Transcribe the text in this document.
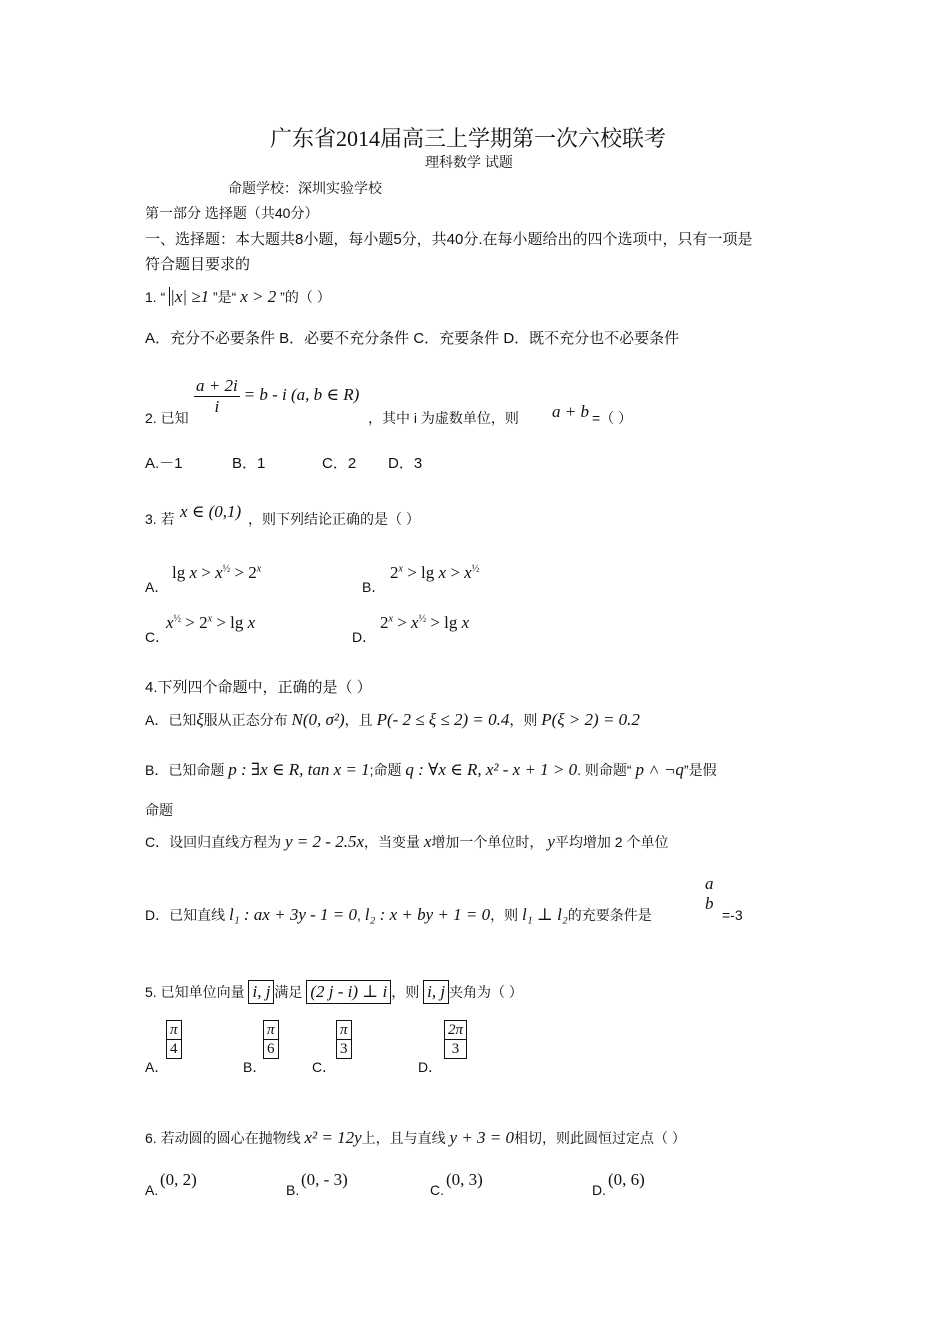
广东省2014届高三上学期第一次六校联考
理科数学 试题
命题学校：深圳实验学校
第一部分 选择题（共40分）
一、选择题：本大题共8小题，每小题5分，共40分.在每小题给出的四个选项中，只有一项是
符合题目要求的
1. “ |x| ≥1 ”是“ x > 2 ”的（ ）
A．充分不必要条件 B．必要不充分条件 C．充要条件 D．既不充分也不必要条件
2. 已知
$\frac{a + 2i}{i} = b - i$ (a, b ∈ R)
，其中 i 为虚数单位，则 a + b =（ ）
A.－1	B．1	C．2 D．3
3. 若 x ∈ (0,1) ，则下列结论正确的是（ ）
A．
$\lg x > x^{\frac{1}{2}} > 2^x$
B．
$2^x > \lg x > x^{\frac{1}{2}}$
C．
$x^{\frac{1}{2}} > 2^x > \lg x$
D．
$2^x > x^{\frac{1}{2}} > \lg x$
4.下列四个命题中，正确的是（ ）
A．已知ξ服从正态分布 N(0, σ²)，且 P(- 2 ≤ ξ ≤ 2) = 0.4，则 P(ξ > 2) = 0.2
B．已知命题 p : ∃x ∈ R, tan x = 1;命题 q : ∀x ∈ R, x² - x + 1 > 0. 则命题“ p ˄ ¬q”是假
命题
C．设回归直线方程为 y = 2 - 2.5x，当变量 x增加一个单位时， y平均增加 2 个单位
D．已知直线 l₁ : ax + 3y - 1 = 0, l₂ : x + by + 1 = 0，则 l₁ ⊥ l₂的充要条件是
a
b
=-3
5. 已知单位向量 i, j 满足 (2 j - i) ⊥ i ，则 i, j 夹角为（ ）
A．
$\frac{\pi}{4}$
B．
$\frac{\pi}{6}$
C．
$\frac{\pi}{3}$
D．
$\frac{2\pi}{3}$
6. 若动圆的圆心在抛物线 x² = 12y上，且与直线 y + 3 = 0相切，则此圆恒过定点（ ）
A.
(0, 2)
B.
(0, - 3)
C.
(0, 3)
D.
(0, 6)
